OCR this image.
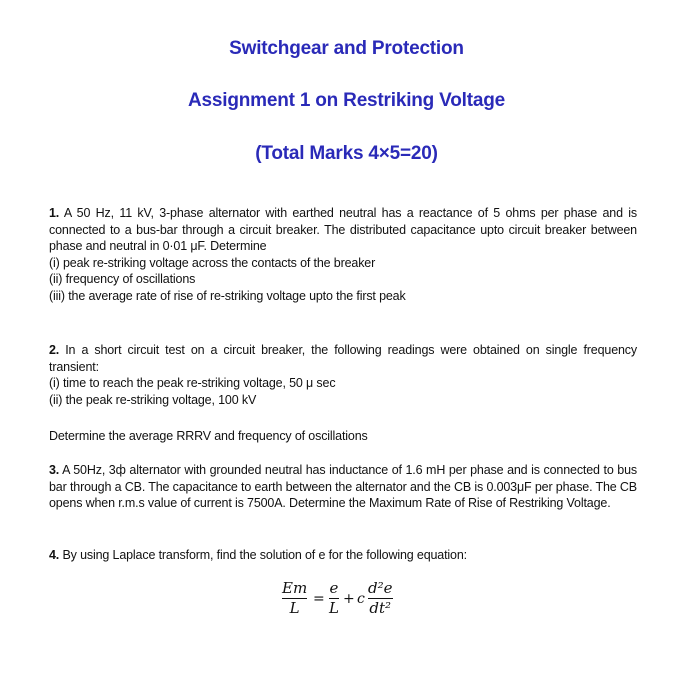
Switchgear and Protection
Assignment 1 on Restriking Voltage
(Total Marks 4×5=20)

1. A 50 Hz, 11 kV, 3-phase alternator with earthed neutral has a reactance of 5 ohms per phase and is connected to a bus-bar through a circuit breaker. The distributed capacitance upto circuit breaker between phase and neutral in 0·01 μF. Determine

(i) peak re-striking voltage across the contacts of the breaker

(ii) frequency of oscillations

(iii) the average rate of rise of re-striking voltage upto the first peak

2. In a short circuit test on a circuit breaker, the following readings were obtained on single frequency transient:

(i) time to reach the peak re-striking voltage, 50 μ sec

(ii) the peak re-striking voltage, 100 kV

Determine the average RRRV and frequency of oscillations

3. A 50Hz, 3ф alternator with grounded neutral has inductance of 1.6 mH per phase and is connected to bus bar through a CB. The capacitance to earth between the alternator and the CB is 0.003μF per phase. The CB opens when r.m.s value of current is 7500A. Determine the Maximum Rate of Rise of Restriking Voltage.

4. By using Laplace transform, find the solution of e for the following equation:

Em
L =
e
L + c
d²e
dt²
